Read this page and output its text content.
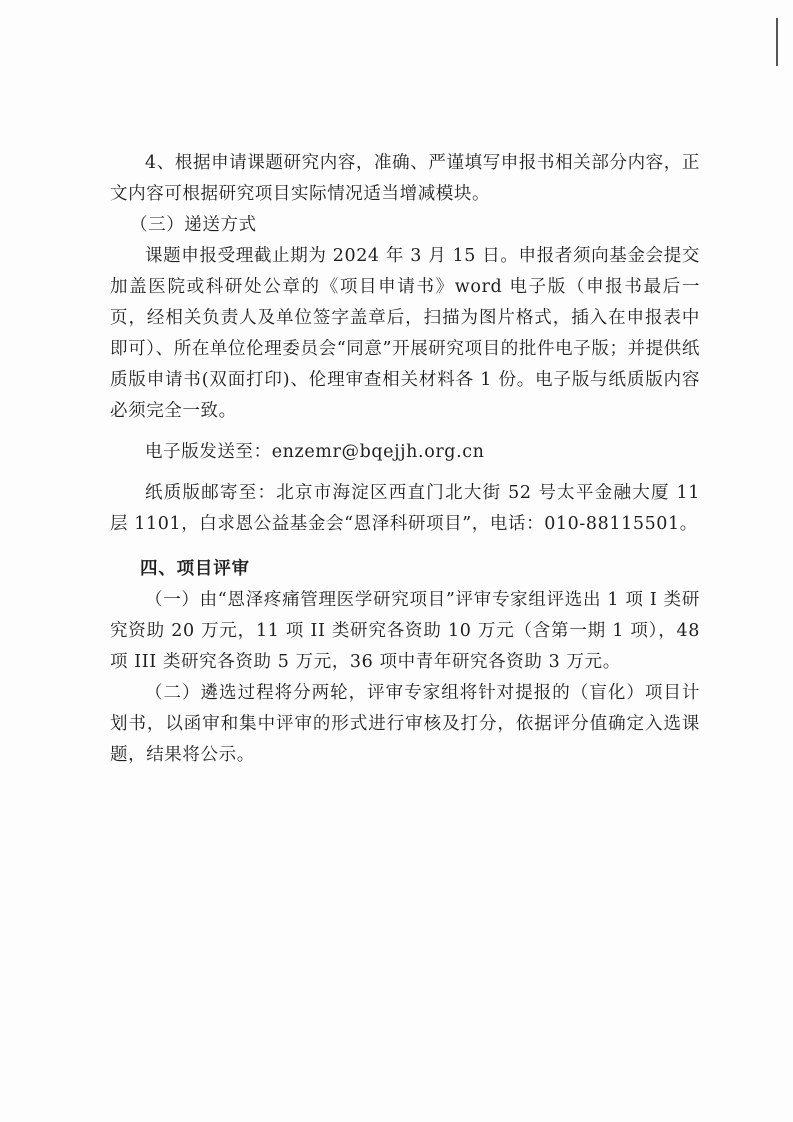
4、根据申请课题研究内容，准确、严谨填写申报书相关部分内容，正文内容可根据研究项目实际情况适当增减模块。

（三）递送方式

课题申报受理截止期为 2024 年 3 月 15 日。申报者须向基金会提交加盖医院或科研处公章的《项目申请书》word 电子版（申报书最后一页，经相关负责人及单位签字盖章后，扫描为图片格式，插入在申报表中即可）、所在单位伦理委员会“同意”开展研究项目的批件电子版；并提供纸质版申请书(双面打印)、伦理审查相关材料各 1 份。电子版与纸质版内容必须完全一致。

电子版发送至：enzemr@bqejjh.org.cn

纸质版邮寄至：北京市海淀区西直门北大街 52 号太平金融大厦 11 层 1101，白求恩公益基金会“恩泽科研项目”，电话：010-88115501。

四、项目评审

（一）由“恩泽疼痛管理医学研究项目”评审专家组评选出 1 项 I 类研究资助 20 万元，11 项 II 类研究各资助 10 万元（含第一期 1 项），48 项 III 类研究各资助 5 万元，36 项中青年研究各资助 3 万元。

（二）遴选过程将分两轮，评审专家组将针对提报的（盲化）项目计划书，以函审和集中评审的形式进行审核及打分，依据评分值确定入选课题，结果将公示。
